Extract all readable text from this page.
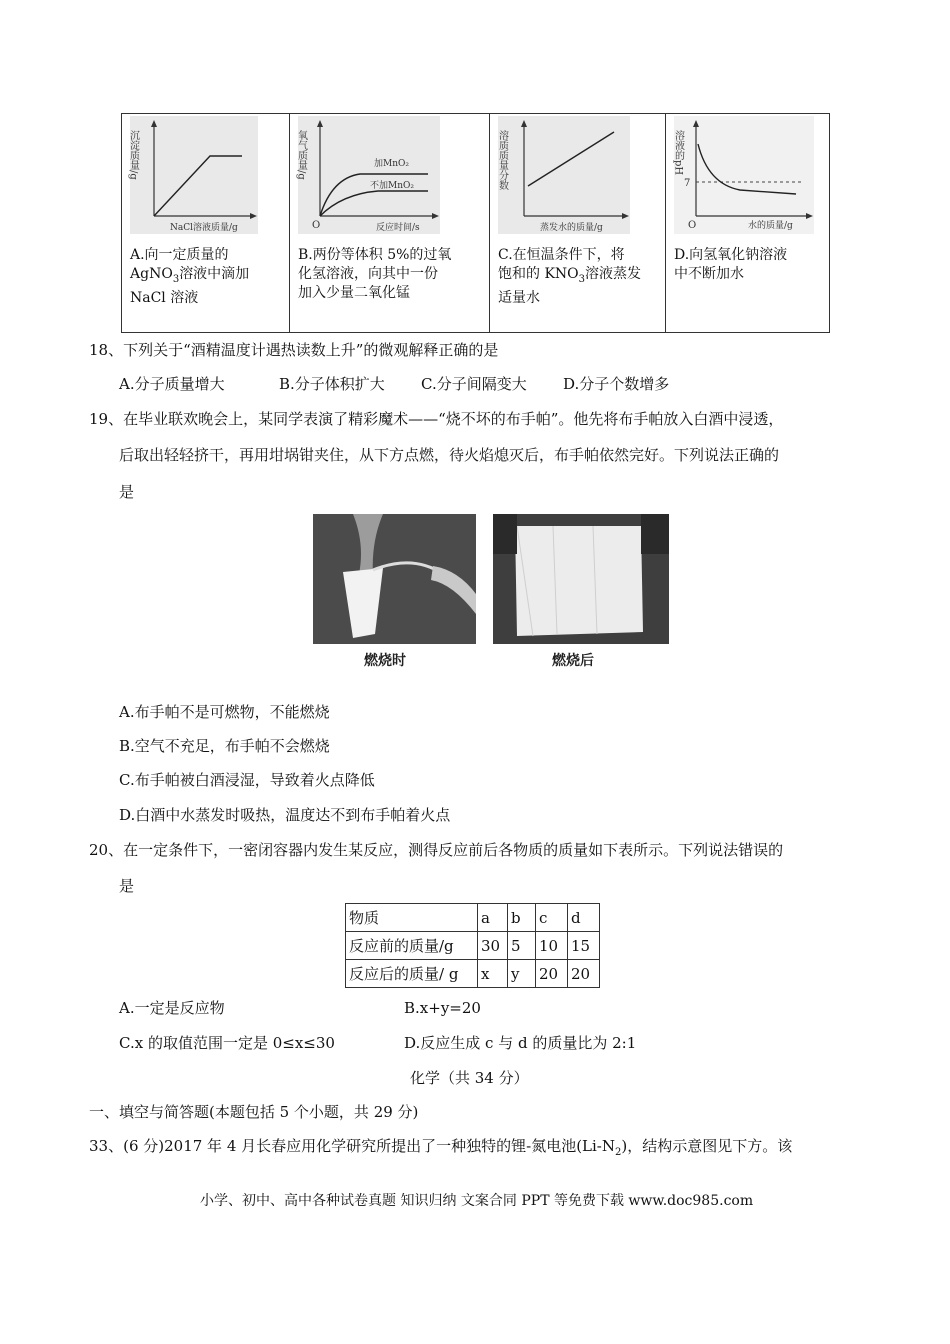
沉淀质量/g
NaCl溶液质量/g
A.向一定质量的
AgNO$_3$溶液中滴加
NaCl 溶液
氧气质量/g	加MnO₂
不加MnO₂
O	反应时间/s
B.两份等体积 5%的过氧
化氢溶液，向其中一份
加入少量二氧化锰
溶质质量分数
蒸发水的质量/g
C.在恒温条件下，将
饱和的 $KNO_3$溶液蒸发
适量水
溶液的pH
7
O	水的质量/g
D.向氢氧化钠溶液
中不断加水
18、下列关于“酒精温度计遇热读数上升”的微观解释正确的是
A.分子质量增大	B.分子体积扩大 C.分子间隔变大 D.分子个数增多
19、在毕业联欢晚会上，某同学表演了精彩魔术——“烧不坏的布手帕”。他先将布手帕放入白酒中浸透，
后取出轻轻挤干，再用坩埚钳夹住，从下方点燃，待火焰熄灭后，布手帕依然完好。下列说法正确的
是
燃烧时	燃烧后
A.布手帕不是可燃物，不能燃烧
B.空气不充足，布手帕不会燃烧
C.布手帕被白酒浸湿，导致着火点降低
D.白酒中水蒸发时吸热，温度达不到布手帕着火点
20、在一定条件下，一密闭容器内发生某反应，测得反应前后各物质的质量如下表所示。下列说法错误的
是
物质	a	b	c	d
反应前的质量/g	30	5	10	15
反应后的质量/ g	x	y	20	20
A.一定是反应物	B.x+y=20
C.x 的取值范围一定是 0≤x≤30	D.反应生成 c 与 d 的质量比为 2:1
化学（共 34 分）
一、填空与简答题(本题包括 5 个小题，共 29 分)
33、(6 分)2017 年 4 月长春应用化学研究所提出了一种独特的锂-氮电池$(Li-N_2)$，结构示意图见下方。该
小学、初中、高中各种试卷真题 知识归纳 文案合同 PPT 等免费下载 www.doc985.com
